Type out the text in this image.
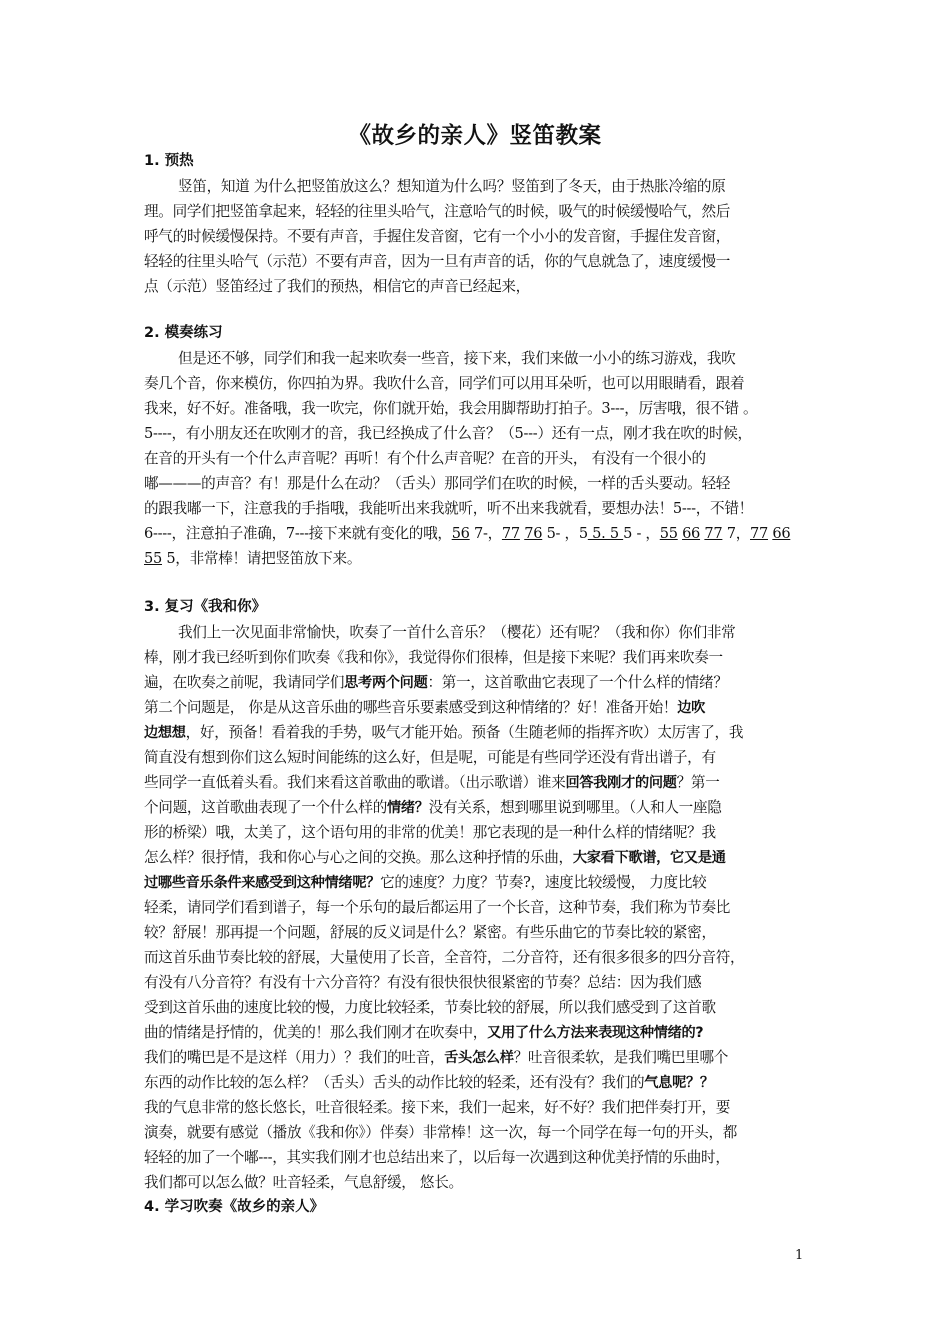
《故乡的亲人》竖笛教案
1. 预热
竖笛，知道 为什么把竖笛放这么？想知道为什么吗？竖笛到了冬天，由于热胀冷缩的原
理。同学们把竖笛拿起来，轻轻的往里头哈气，注意哈气的时候，吸气的时候缓慢哈气，然后
呼气的时候缓慢保持。不要有声音，手握住发音窗，它有一个小小的发音窗，手握住发音窗，
轻轻的往里头哈气（示范）不要有声音，因为一旦有声音的话，你的气息就急了，速度缓慢一
点（示范）竖笛经过了我们的预热，相信它的声音已经起来，
2. 模奏练习
但是还不够，同学们和我一起来吹奏一些音，接下来，我们来做一小小的练习游戏，我吹
奏几个音，你来模仿，你四拍为界。我吹什么音，同学们可以用耳朵听，也可以用眼睛看，跟着
我来，好不好。准备哦，我一吹完，你们就开始，我会用脚帮助打拍子。3---，厉害哦，很不错 。
5----，有小朋友还在吹刚才的音，我已经换成了什么音？（5---）还有一点，刚才我在吹的时候，
在音的开头有一个什么声音呢？再听！有个什么声音呢？在音的开头， 有没有一个很小的
嘟———的声音？有！那是什么在动？（舌头）那同学们在吹的时候，一样的舌头要动。轻轻
的跟我嘟一下，注意我的手指哦，我能听出来我就听，听不出来我就看，要想办法！5---，不错！
6----，注意拍子准确，7---接下来就有变化的哦，56 7-，77 76 5- ，5 5. 5 5 - ，55 66 77 7，77 66
55 5，非常棒！请把竖笛放下来。
3. 复习《我和你》
我们上一次见面非常愉快，吹奏了一首什么音乐？（樱花）还有呢？（我和你）你们非常
棒，刚才我已经听到你们吹奏《我和你》，我觉得你们很棒，但是接下来呢？我们再来吹奏一
遍，在吹奏之前呢，我请同学们思考两个问题：第一，这首歌曲它表现了一个什么样的情绪？
第二个问题是， 你是从这音乐曲的哪些音乐要素感受到这种情绪的？好！准备开始！边吹
边想想，好，预备！看着我的手势，吸气才能开始。预备（生随老师的指挥齐吹）太厉害了，我
简直没有想到你们这么短时间能练的这么好，但是呢，可能是有些同学还没有背出谱子，有
些同学一直低着头看。我们来看这首歌曲的歌谱。（出示歌谱）谁来回答我刚才的问题？第一
个问题，这首歌曲表现了一个什么样的情绪？没有关系，想到哪里说到哪里。（人和人一座隐
形的桥梁）哦，太美了，这个语句用的非常的优美！那它表现的是一种什么样的情绪呢？我
怎么样？很抒情，我和你心与心之间的交换。那么这种抒情的乐曲，大家看下歌谱，它又是通
过哪些音乐条件来感受到这种情绪呢？它的速度？力度？节奏?，速度比较缓慢， 力度比较
轻柔，请同学们看到谱子，每一个乐句的最后都运用了一个长音，这种节奏，我们称为节奏比
较？舒展！那再提一个问题，舒展的反义词是什么？紧密。有些乐曲它的节奏比较的紧密，
而这首乐曲节奏比较的舒展，大量使用了长音，全音符，二分音符，还有很多很多的四分音符，
有没有八分音符？有没有十六分音符？有没有很快很快很紧密的节奏？总结：因为我们感
受到这首乐曲的速度比较的慢，力度比较轻柔，节奏比较的舒展，所以我们感受到了这首歌
曲的情绪是抒情的，优美的！那么我们刚才在吹奏中，又用了什么方法来表现这种情绪的?
我们的嘴巴是不是这样（用力）？我们的吐音，舌头怎么样？吐音很柔软，是我们嘴巴里哪个
东西的动作比较的怎么样？（舌头）舌头的动作比较的轻柔，还有没有？我们的气息呢？？
我的气息非常的悠长悠长，吐音很轻柔。接下来，我们一起来，好不好？我们把伴奏打开，要
演奏，就要有感觉（播放《我和你》）伴奏）非常棒！这一次，每一个同学在每一句的开头，都
轻轻的加了一个嘟---，其实我们刚才也总结出来了，以后每一次遇到这种优美抒情的乐曲时，
我们都可以怎么做？吐音轻柔，气息舒缓， 悠长。
4. 学习吹奏《故乡的亲人》
1
